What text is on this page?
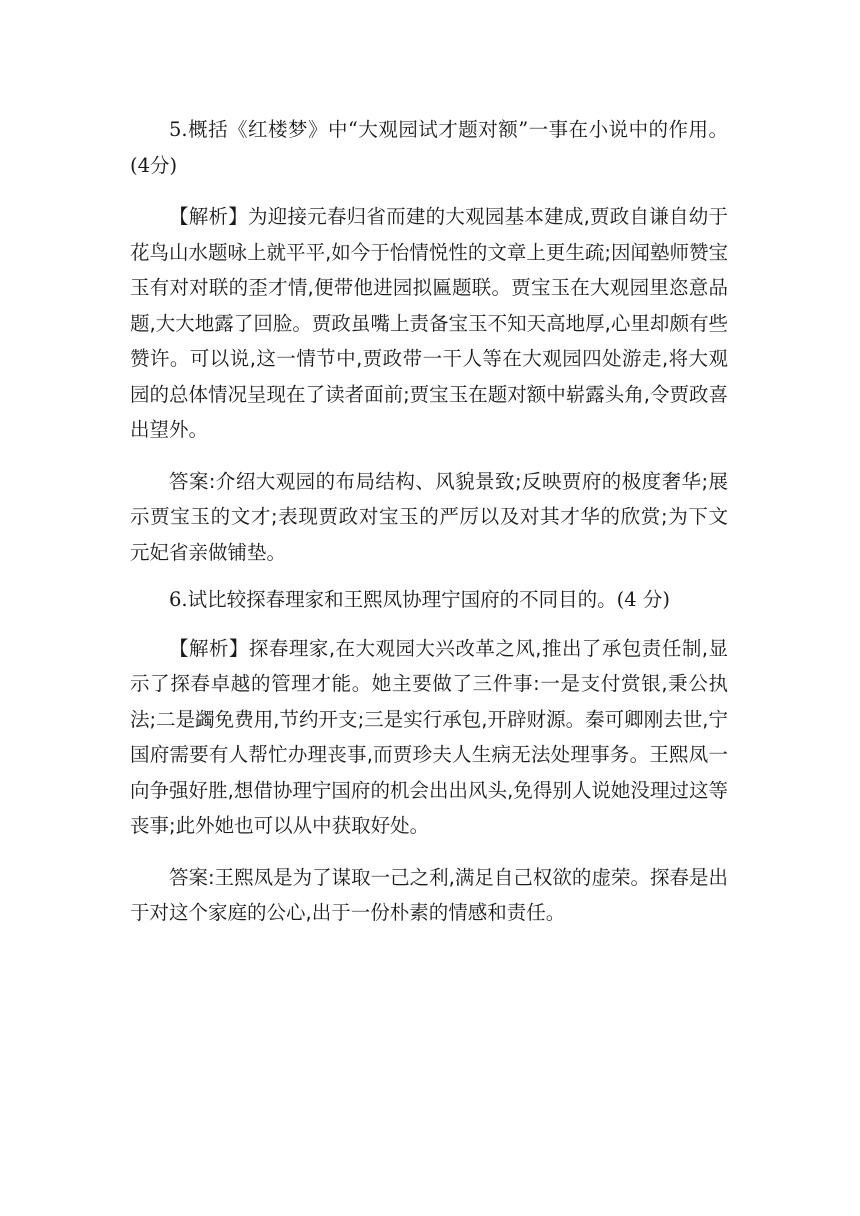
5.概括《红楼梦》中“大观园试才题对额”一事在小说中的作用。(4分)

【解析】为迎接元春归省而建的大观园基本建成,贾政自谦自幼于花鸟山水题咏上就平平,如今于怡情悦性的文章上更生疏;因闻塾师赞宝玉有对对联的歪才情,便带他进园拟匾题联。贾宝玉在大观园里恣意品题,大大地露了回脸。贾政虽嘴上责备宝玉不知天高地厚,心里却颇有些赞许。可以说,这一情节中,贾政带一干人等在大观园四处游走,将大观园的总体情况呈现在了读者面前;贾宝玉在题对额中崭露头角,令贾政喜出望外。

答案:介绍大观园的布局结构、风貌景致;反映贾府的极度奢华;展示贾宝玉的文才;表现贾政对宝玉的严厉以及对其才华的欣赏;为下文元妃省亲做铺垫。

6.试比较探春理家和王熙凤协理宁国府的不同目的。(4 分)

【解析】探春理家,在大观园大兴改革之风,推出了承包责任制,显示了探春卓越的管理才能。她主要做了三件事:一是支付赏银,秉公执法;二是蠲免费用,节约开支;三是实行承包,开辟财源。秦可卿刚去世,宁国府需要有人帮忙办理丧事,而贾珍夫人生病无法处理事务。王熙凤一向争强好胜,想借协理宁国府的机会出出风头,免得别人说她没理过这等丧事;此外她也可以从中获取好处。

答案:王熙凤是为了谋取一己之利,满足自己权欲的虚荣。探春是出于对这个家庭的公心,出于一份朴素的情感和责任。
